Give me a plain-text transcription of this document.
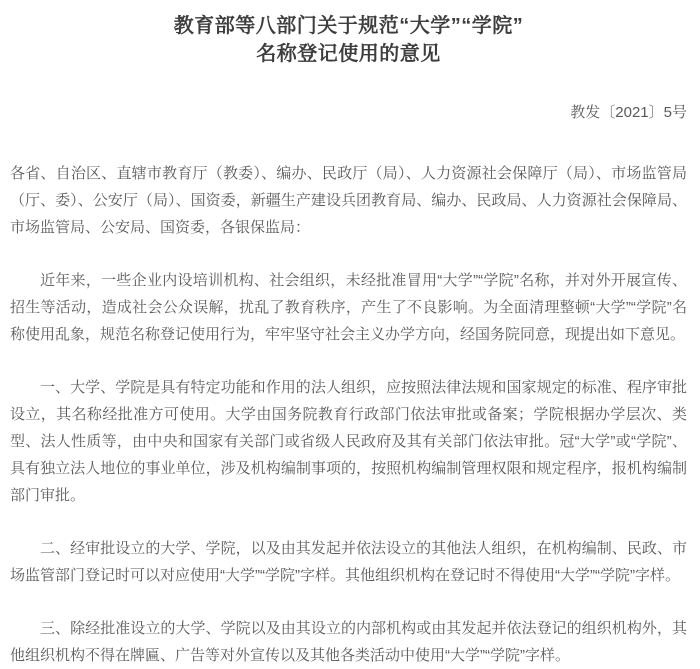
教育部等八部门关于规范“大学”“学院”
名称登记使用的意见
教发〔2021〕5号

各省、自治区、直辖市教育厅（教委）、编办、民政厅（局）、人力资源社会保障厅（局）、市场监管局（厅、委）、公安厅（局）、国资委，新疆生产建设兵团教育局、编办、民政局、人力资源社会保障局、市场监管局、公安局、国资委，各银保监局：

近年来，一些企业内设培训机构、社会组织，未经批准冒用“大学”“学院”名称，并对外开展宣传、招生等活动，造成社会公众误解，扰乱了教育秩序，产生了不良影响。为全面清理整顿“大学”“学院”名称使用乱象，规范名称登记使用行为，牢牢坚守社会主义办学方向，经国务院同意，现提出如下意见。

一、大学、学院是具有特定功能和作用的法人组织，应按照法律法规和国家规定的标准、程序审批设立，其名称经批准方可使用。大学由国务院教育行政部门依法审批或备案；学院根据办学层次、类型、法人性质等，由中央和国家有关部门或省级人民政府及其有关部门依法审批。冠“大学”或“学院”、具有独立法人地位的事业单位，涉及机构编制事项的，按照机构编制管理权限和规定程序，报机构编制部门审批。

二、经审批设立的大学、学院，以及由其发起并依法设立的其他法人组织，在机构编制、民政、市场监管部门登记时可以对应使用“大学”“学院”字样。其他组织机构在登记时不得使用“大学”“学院”字样。

三、除经批准设立的大学、学院以及由其设立的内部机构或由其发起并依法登记的组织机构外，其他组织机构不得在牌匾、广告等对外宣传以及其他各类活动中使用“大学”“学院”字样。
